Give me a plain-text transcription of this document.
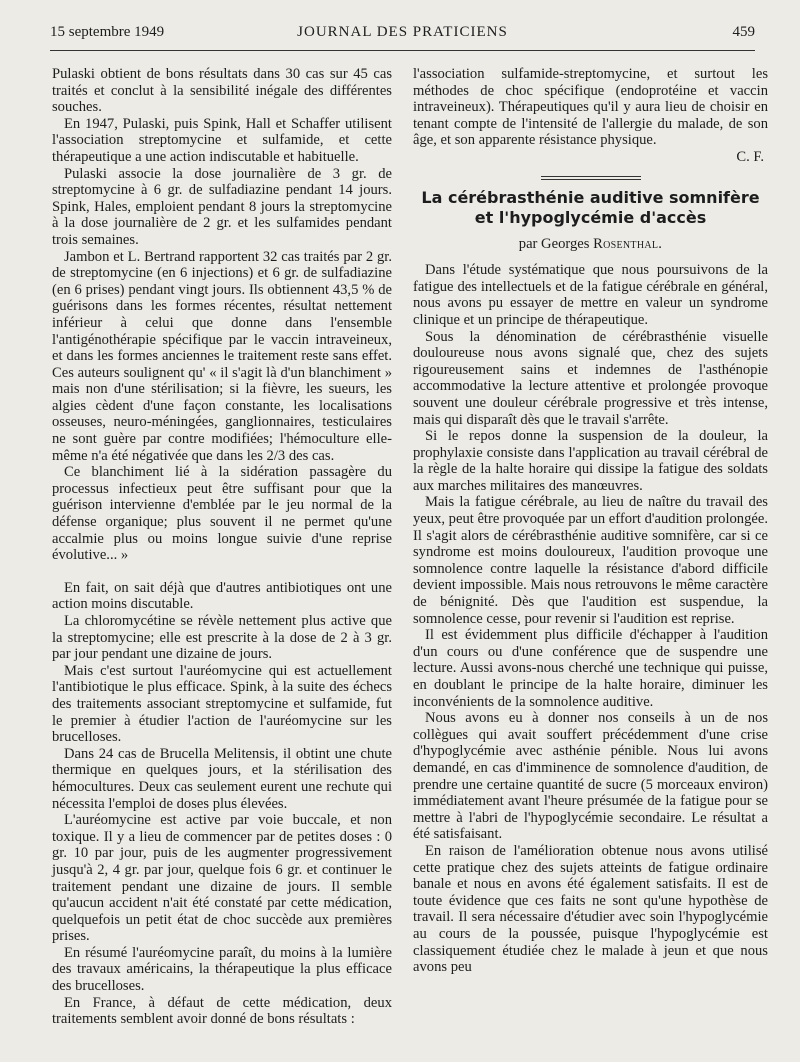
15 septembre 1949	JOURNAL DES PRATICIENS	459

Pulaski obtient de bons résultats dans 30 cas sur 45 cas traités et conclut à la sensibilité inégale des différentes souches.

En 1947, Pulaski, puis Spink, Hall et Schaffer utilisent l'association streptomycine et sulfamide, et cette thérapeutique a une action indiscutable et habituelle.

Pulaski associe la dose journalière de 3 gr. de streptomycine à 6 gr. de sulfadiazine pendant 14 jours. Spink, Hales, emploient pendant 8 jours la streptomycine à la dose journalière de 2 gr. et les sulfamides pendant trois semaines.

Jambon et L. Bertrand rapportent 32 cas traités par 2 gr. de streptomycine (en 6 injections) et 6 gr. de sulfadiazine (en 6 prises) pendant vingt jours. Ils obtiennent 43,5 % de guérisons dans les formes récentes, résultat nettement inférieur à celui que donne dans l'ensemble l'antigénothérapie spécifique par le vaccin intraveineux, et dans les formes anciennes le traitement reste sans effet. Ces auteurs soulignent qu' « il s'agit là d'un blanchiment » mais non d'une stérilisation; si la fièvre, les sueurs, les algies cèdent d'une façon constante, les localisations osseuses, neuro-méningées, ganglionnaires, testiculaires ne sont guère par contre modifiées; l'hémoculture elle-même n'a été négativée que dans les 2/3 des cas.

Ce blanchiment lié à la sidération passagère du processus infectieux peut être suffisant pour que la guérison intervienne d'emblée par le jeu normal de la défense organique; plus souvent il ne permet qu'une accalmie plus ou moins longue suivie d'une reprise évolutive... »

En fait, on sait déjà que d'autres antibiotiques ont une action moins discutable.

La chloromycétine se révèle nettement plus active que la streptomycine; elle est prescrite à la dose de 2 à 3 gr. par jour pendant une dizaine de jours.

Mais c'est surtout l'auréomycine qui est actuellement l'antibiotique le plus efficace. Spink, à la suite des échecs des traitements associant streptomycine et sulfamide, fut le premier à étudier l'action de l'auréomycine sur les brucelloses.

Dans 24 cas de Brucella Melitensis, il obtint une chute thermique en quelques jours, et la stérilisation des hémocultures. Deux cas seulement eurent une rechute qui nécessita l'emploi de doses plus élevées.

L'auréomycine est active par voie buccale, et non toxique. Il y a lieu de commencer par de petites doses : 0 gr. 10 par jour, puis de les augmenter progressivement jusqu'à 2, 4 gr. par jour, quelque fois 6 gr. et continuer le traitement pendant une dizaine de jours. Il semble qu'aucun accident n'ait été constaté par cette médication, quelquefois un petit état de choc succède aux premières prises.

En résumé l'auréomycine paraît, du moins à la lumière des travaux américains, la thérapeutique la plus efficace des brucelloses.

En France, à défaut de cette médication, deux traitements semblent avoir donné de bons résultats :

l'association sulfamide-streptomycine, et surtout les méthodes de choc spécifique (endoprotéine et vaccin intraveineux). Thérapeutiques qu'il y aura lieu de choisir en tenant compte de l'intensité de l'allergie du malade, de son âge, et son apparente résistance physique.

C. F.

La cérébrasthénie auditive somnifère
et l'hypoglycémie d'accès
par Georges Rosenthal.

Dans l'étude systématique que nous poursuivons de la fatigue des intellectuels et de la fatigue cérébrale en général, nous avons pu essayer de mettre en valeur un syndrome clinique et un principe de thérapeutique.

Sous la dénomination de cérébrasthénie visuelle douloureuse nous avons signalé que, chez des sujets rigoureusement sains et indemnes de l'asthénopie accommodative la lecture attentive et prolongée provoque souvent une douleur cérébrale progressive et très intense, mais qui disparaît dès que le travail s'arrête.

Si le repos donne la suspension de la douleur, la prophylaxie consiste dans l'application au travail cérébral de la règle de la halte horaire qui dissipe la fatigue des soldats aux marches militaires des manœuvres.

Mais la fatigue cérébrale, au lieu de naître du travail des yeux, peut être provoquée par un effort d'audition prolongée. Il s'agit alors de cérébrasthénie auditive somnifère, car si ce syndrome est moins douloureux, l'audition provoque une somnolence contre laquelle la résistance d'abord difficile devient impossible. Mais nous retrouvons le même caractère de bénignité. Dès que l'audition est suspendue, la somnolence cesse, pour revenir si l'audition est reprise.

Il est évidemment plus difficile d'échapper à l'audition d'un cours ou d'une conférence que de suspendre une lecture. Aussi avons-nous cherché une technique qui puisse, en doublant le principe de la halte horaire, diminuer les inconvénients de la somnolence auditive.

Nous avons eu à donner nos conseils à un de nos collègues qui avait souffert précédemment d'une crise d'hypoglycémie avec asthénie pénible. Nous lui avons demandé, en cas d'imminence de somnolence d'audition, de prendre une certaine quantité de sucre (5 morceaux environ) immédiatement avant l'heure présumée de la fatigue pour se mettre à l'abri de l'hypoglycémie secondaire. Le résultat a été satisfaisant.

En raison de l'amélioration obtenue nous avons utilisé cette pratique chez des sujets atteints de fatigue ordinaire banale et nous en avons été également satisfaits. Il est de toute évidence que ces faits ne sont qu'une hypothèse de travail. Il sera nécessaire d'étudier avec soin l'hypoglycémie au cours de la poussée, puisque l'hypoglycémie est classiquement étudiée chez le malade à jeun et que nous avons peu
